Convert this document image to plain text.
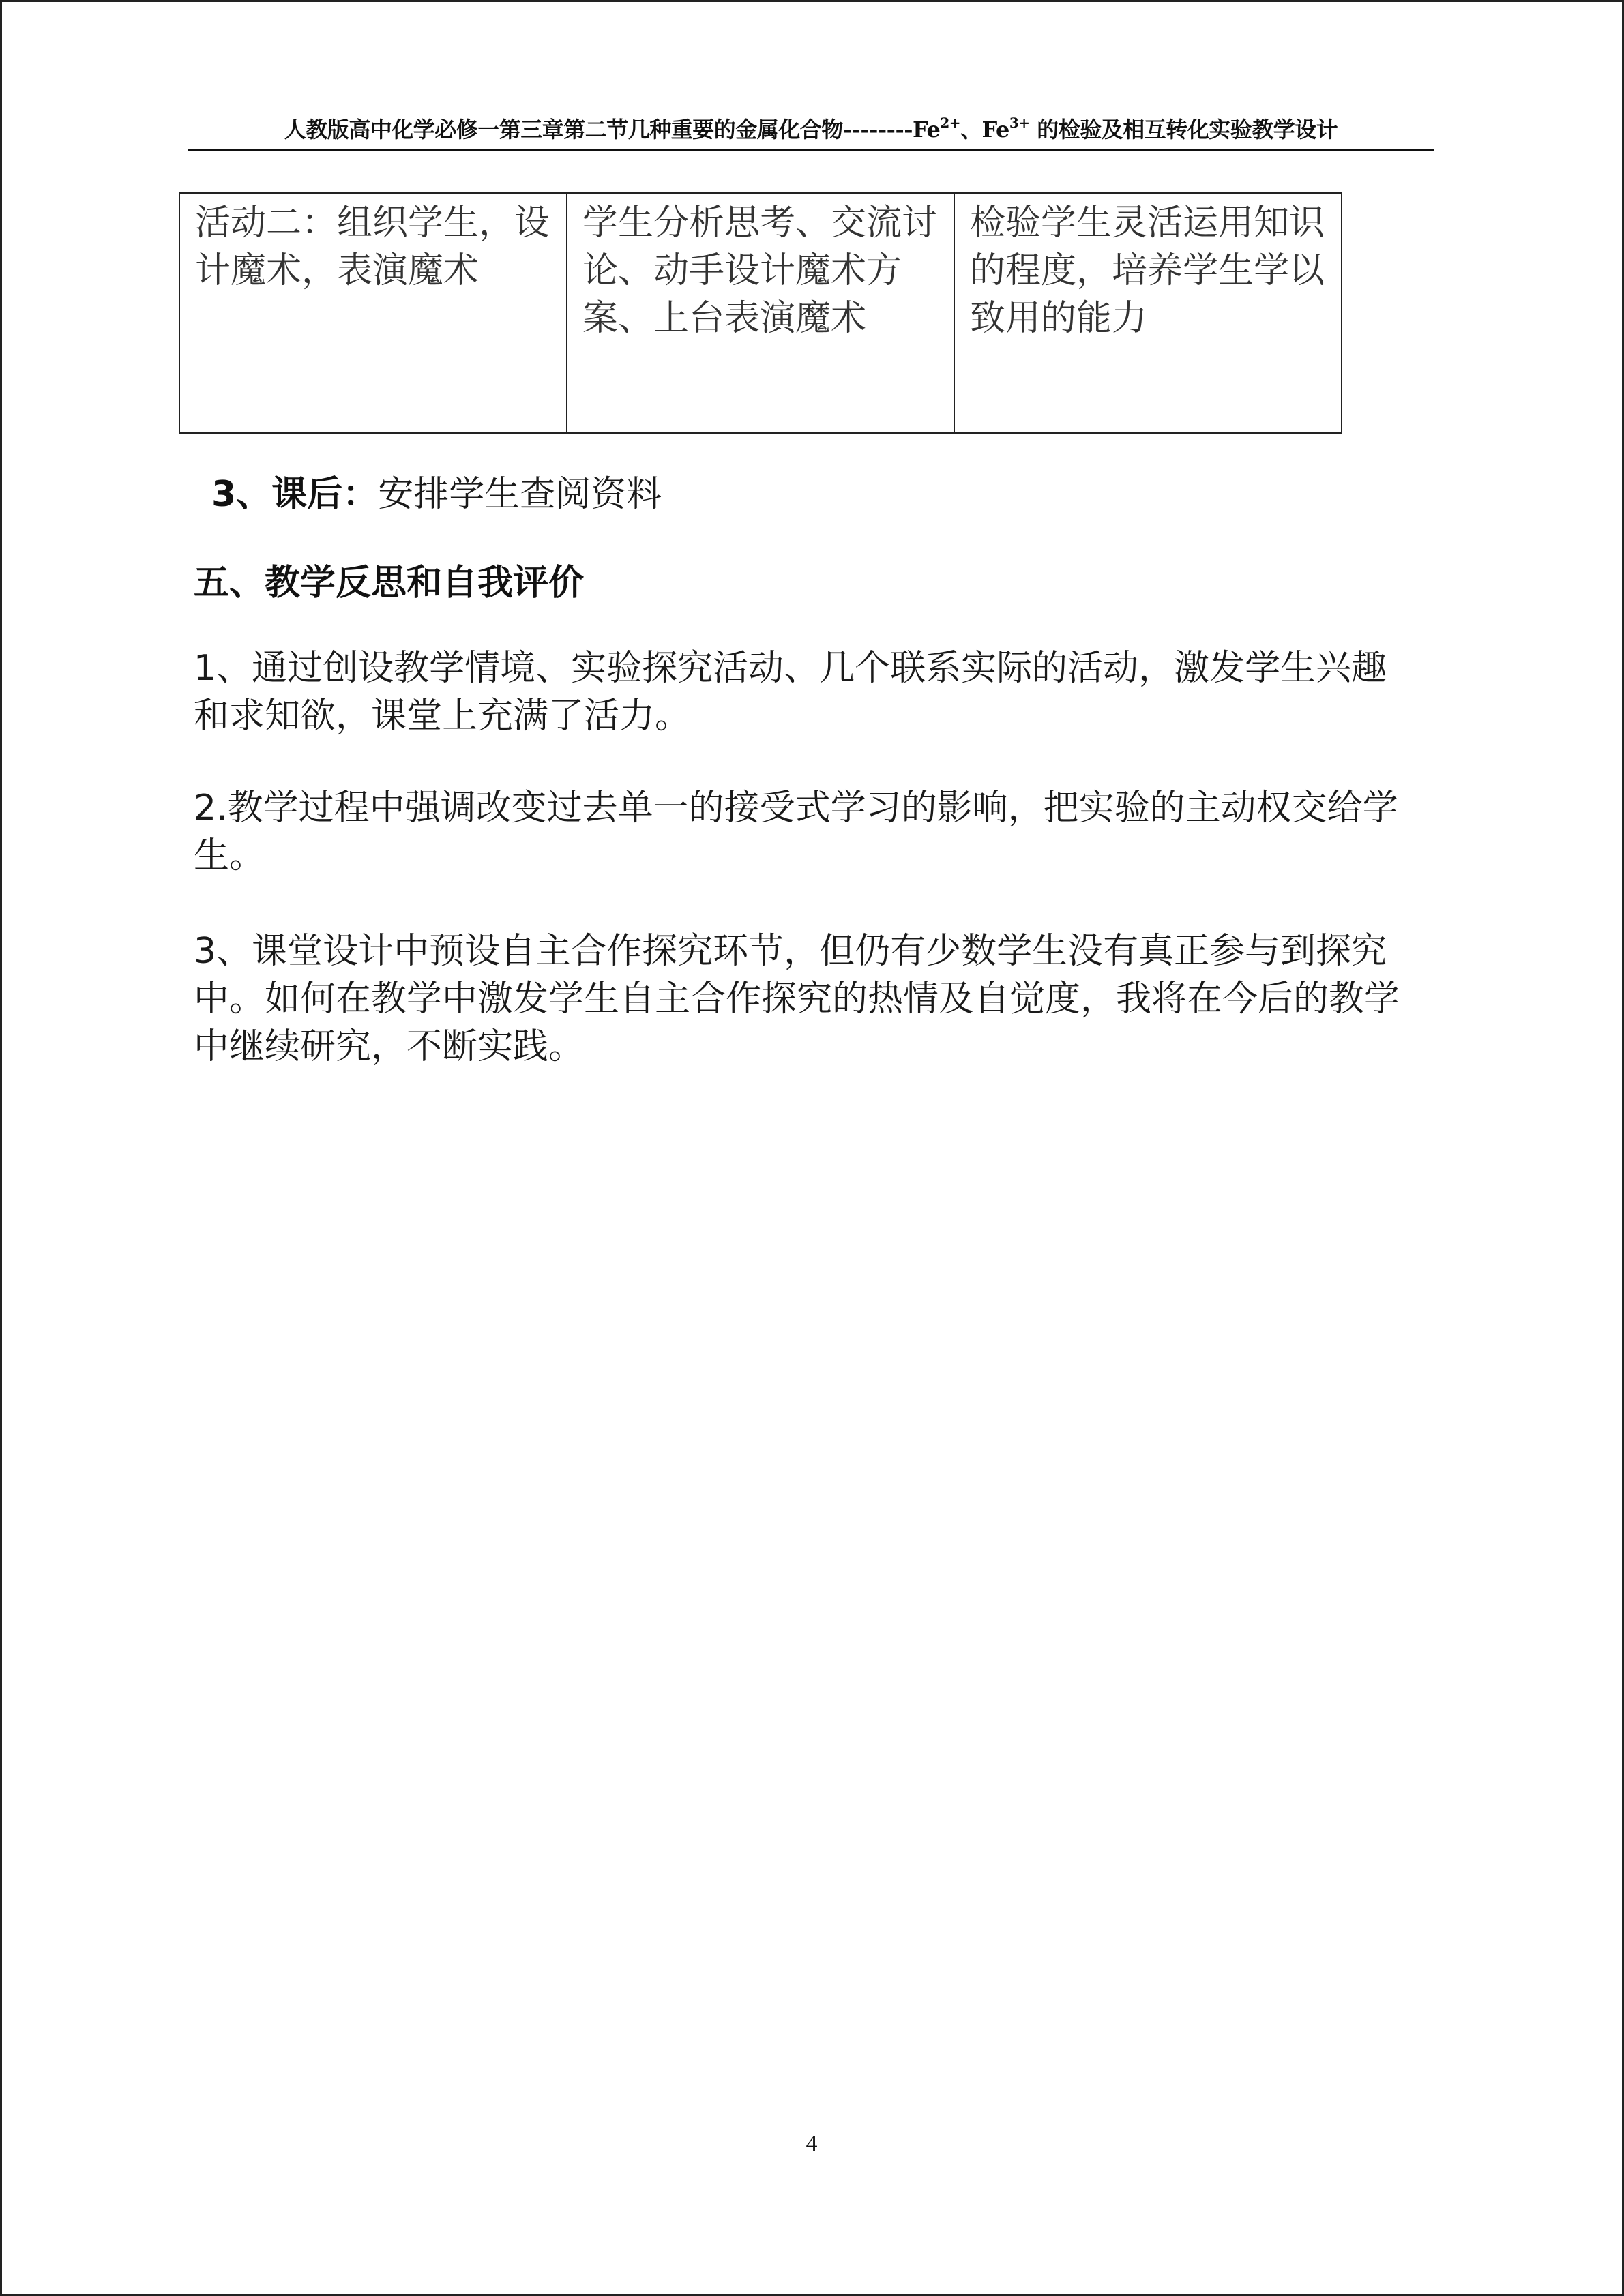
人教版高中化学必修一第三章第二节几种重要的金属化合物$--------Fe^{2+}$、$Fe^{3+}$ 的检验及相互转化实验教学设计
活动二：组织学生，设计魔术，表演魔术	学生分析思考、交流讨论、动手设计魔术方案、上台表演魔术	检验学生灵活运用知识的程度，培养学生学以致用的能力
3、课后：安排学生查阅资料
五、教学反思和自我评价
1、通过创设教学情境、实验探究活动、几个联系实际的活动，激发学生兴趣和求知欲，课堂上充满了活力。
2.教学过程中强调改变过去单一的接受式学习的影响，把实验的主动权交给学生。
3、课堂设计中预设自主合作探究环节，但仍有少数学生没有真正参与到探究中。如何在教学中激发学生自主合作探究的热情及自觉度，我将在今后的教学中继续研究，不断实践。
4
